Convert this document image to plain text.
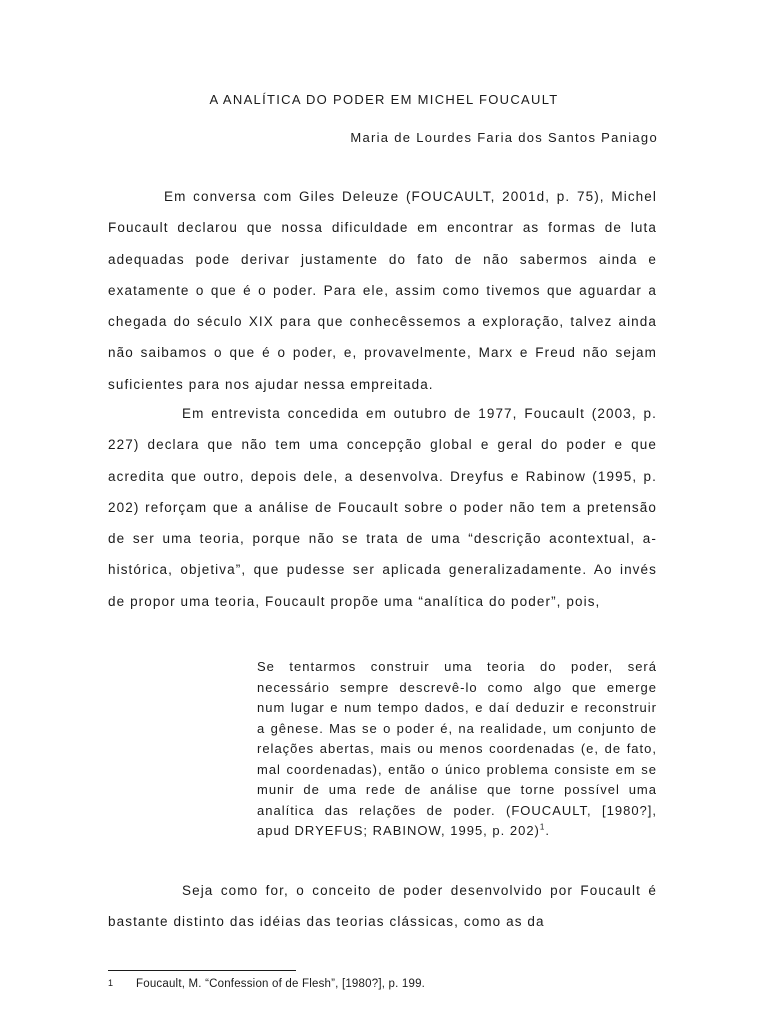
A ANALÍTICA DO PODER EM MICHEL FOUCAULT
Maria de Lourdes Faria dos Santos Paniago

Em conversa com Giles Deleuze (FOUCAULT, 2001d, p. 75), Michel Foucault declarou que nossa dificuldade em encontrar as formas de luta adequadas pode derivar justamente do fato de não sabermos ainda e exatamente o que é o poder. Para ele, assim como tivemos que aguardar a chegada do século XIX para que conhecêssemos a exploração, talvez ainda não saibamos o que é o poder, e, provavelmente, Marx e Freud não sejam suficientes para nos ajudar nessa empreitada.

Em entrevista concedida em outubro de 1977, Foucault (2003, p. 227) declara que não tem uma concepção global e geral do poder e que acredita que outro, depois dele, a desenvolva. Dreyfus e Rabinow (1995, p. 202) reforçam que a análise de Foucault sobre o poder não tem a pretensão de ser uma teoria, porque não se trata de uma “descrição acontextual, a-histórica, objetiva”, que pudesse ser aplicada generalizadamente. Ao invés de propor uma teoria, Foucault propõe uma “analítica do poder”, pois,

Se tentarmos construir uma teoria do poder, será necessário sempre descrevê-lo como algo que emerge num lugar e num tempo dados, e daí deduzir e reconstruir a gênese. Mas se o poder é, na realidade, um conjunto de relações abertas, mais ou menos coordenadas (e, de fato, mal coordenadas), então o único problema consiste em se munir de uma rede de análise que torne possível uma analítica das relações de poder. (FOUCAULT, [1980?], apud DRYEFUS; RABINOW, 1995, p. 202)$^1$.

Seja como for, o conceito de poder desenvolvido por Foucault é bastante distinto das idéias das teorias clássicas, como as da

1 Foucault, M. “Confession of de Flesh”, [1980?], p. 199.
